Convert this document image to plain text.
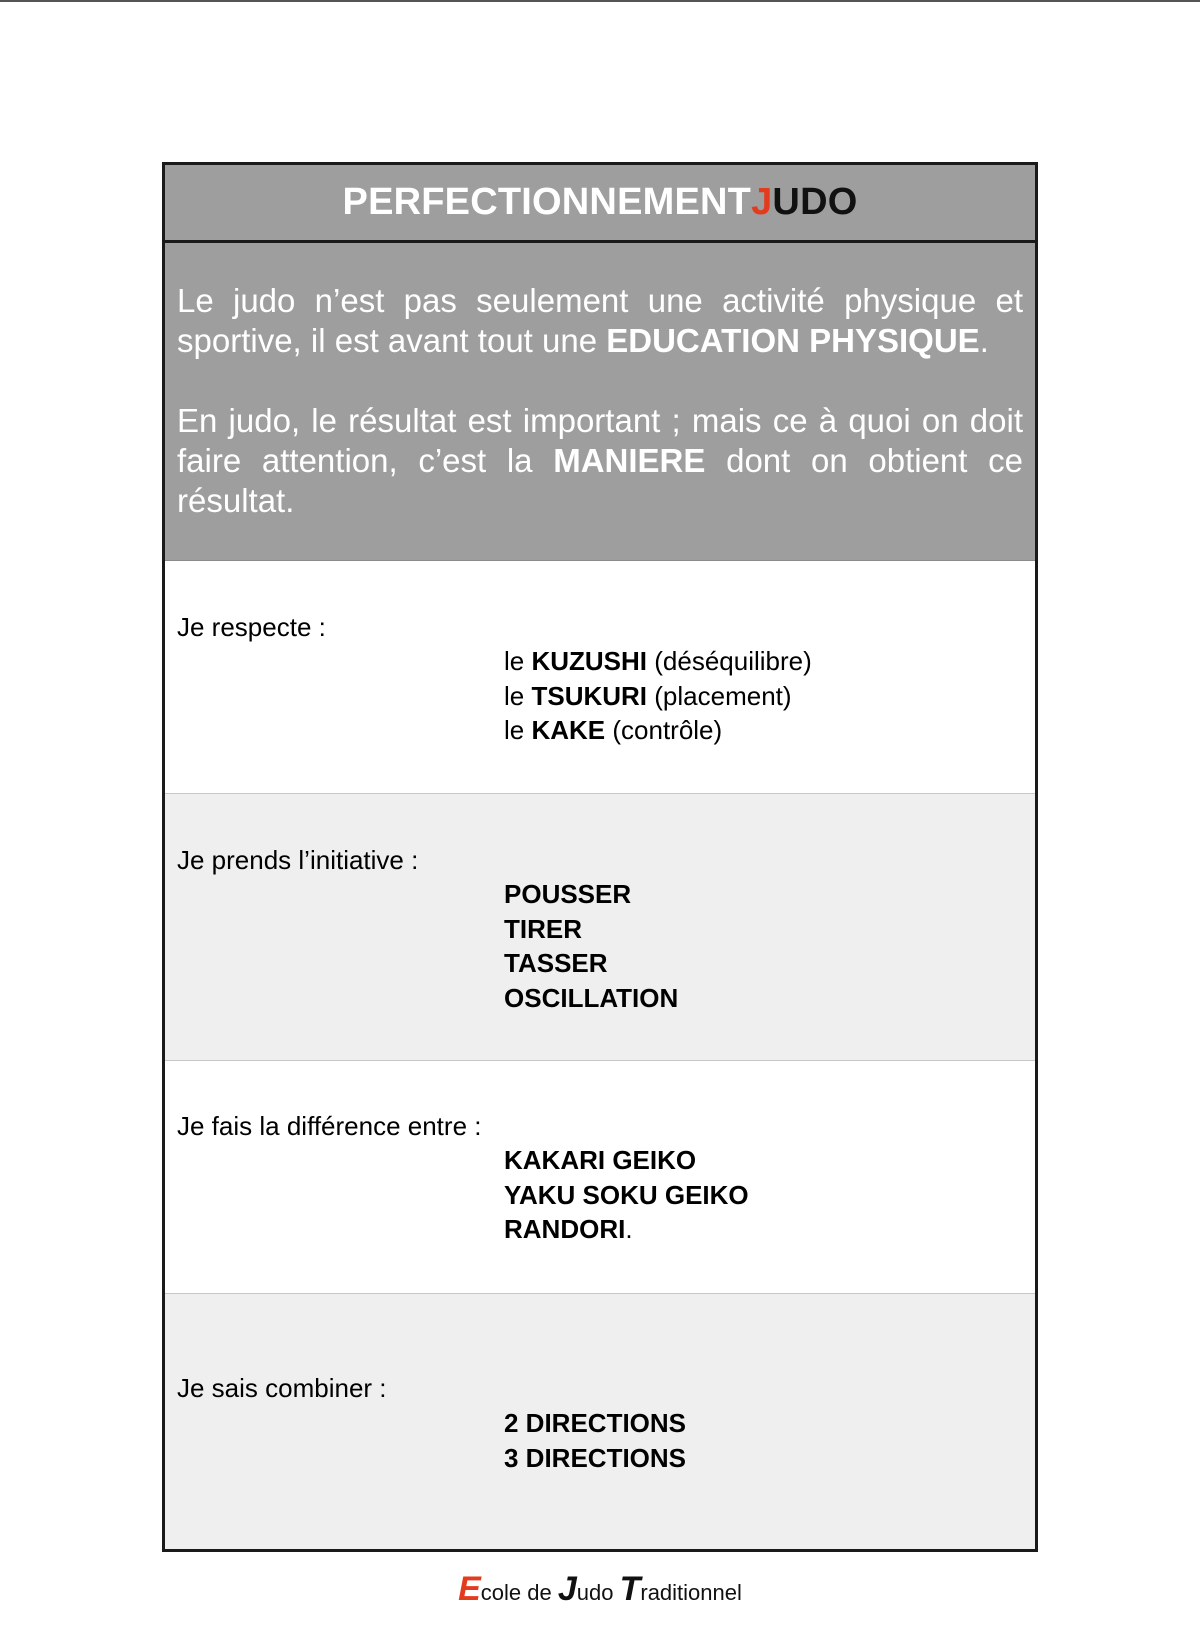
PERFECTIONNEMENT J UDO

Le judo n’est pas seulement une activité physique et sportive, il est avant tout une EDUCATION PHYSIQUE.

En judo, le résultat est important ; mais ce à quoi on doit faire attention, c’est la MANIERE dont on obtient ce résultat.

Je respecte :
le KUZUSHI (déséquilibre)
le TSUKURI (placement)
le KAKE (contrôle)
Je prends l’initiative :
POUSSER
TIRER
TASSER
OSCILLATION
Je fais la différence entre :
KAKARI GEIKO
YAKU SOKU GEIKO
RANDORI.
Je sais combiner :
2 DIRECTIONS
3 DIRECTIONS
Ecole de Judo Traditionnel
